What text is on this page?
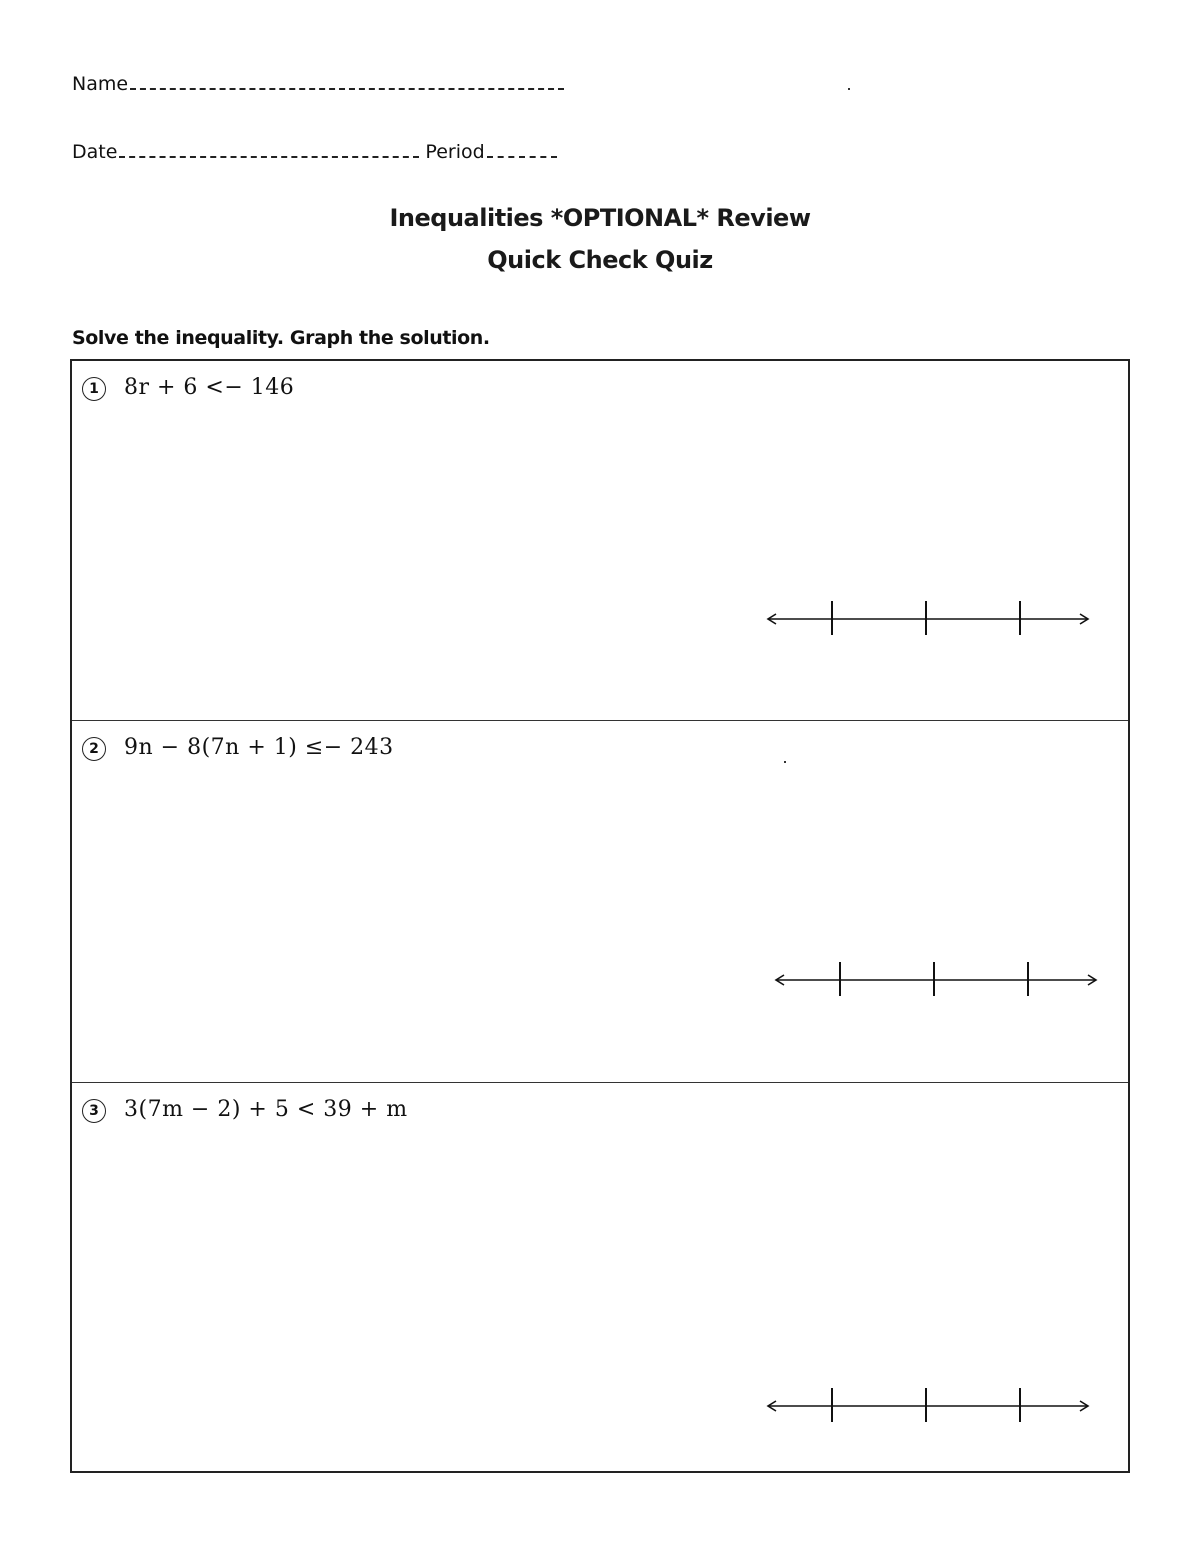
Name
Date	Period
Inequalities *OPTIONAL* Review
Quick Check Quiz
Solve the inequality. Graph the solution.
1	8r + 6 <− 146
2	9n − 8(7n + 1) ≤− 243
3	3(7m − 2) + 5 < 39 + m
